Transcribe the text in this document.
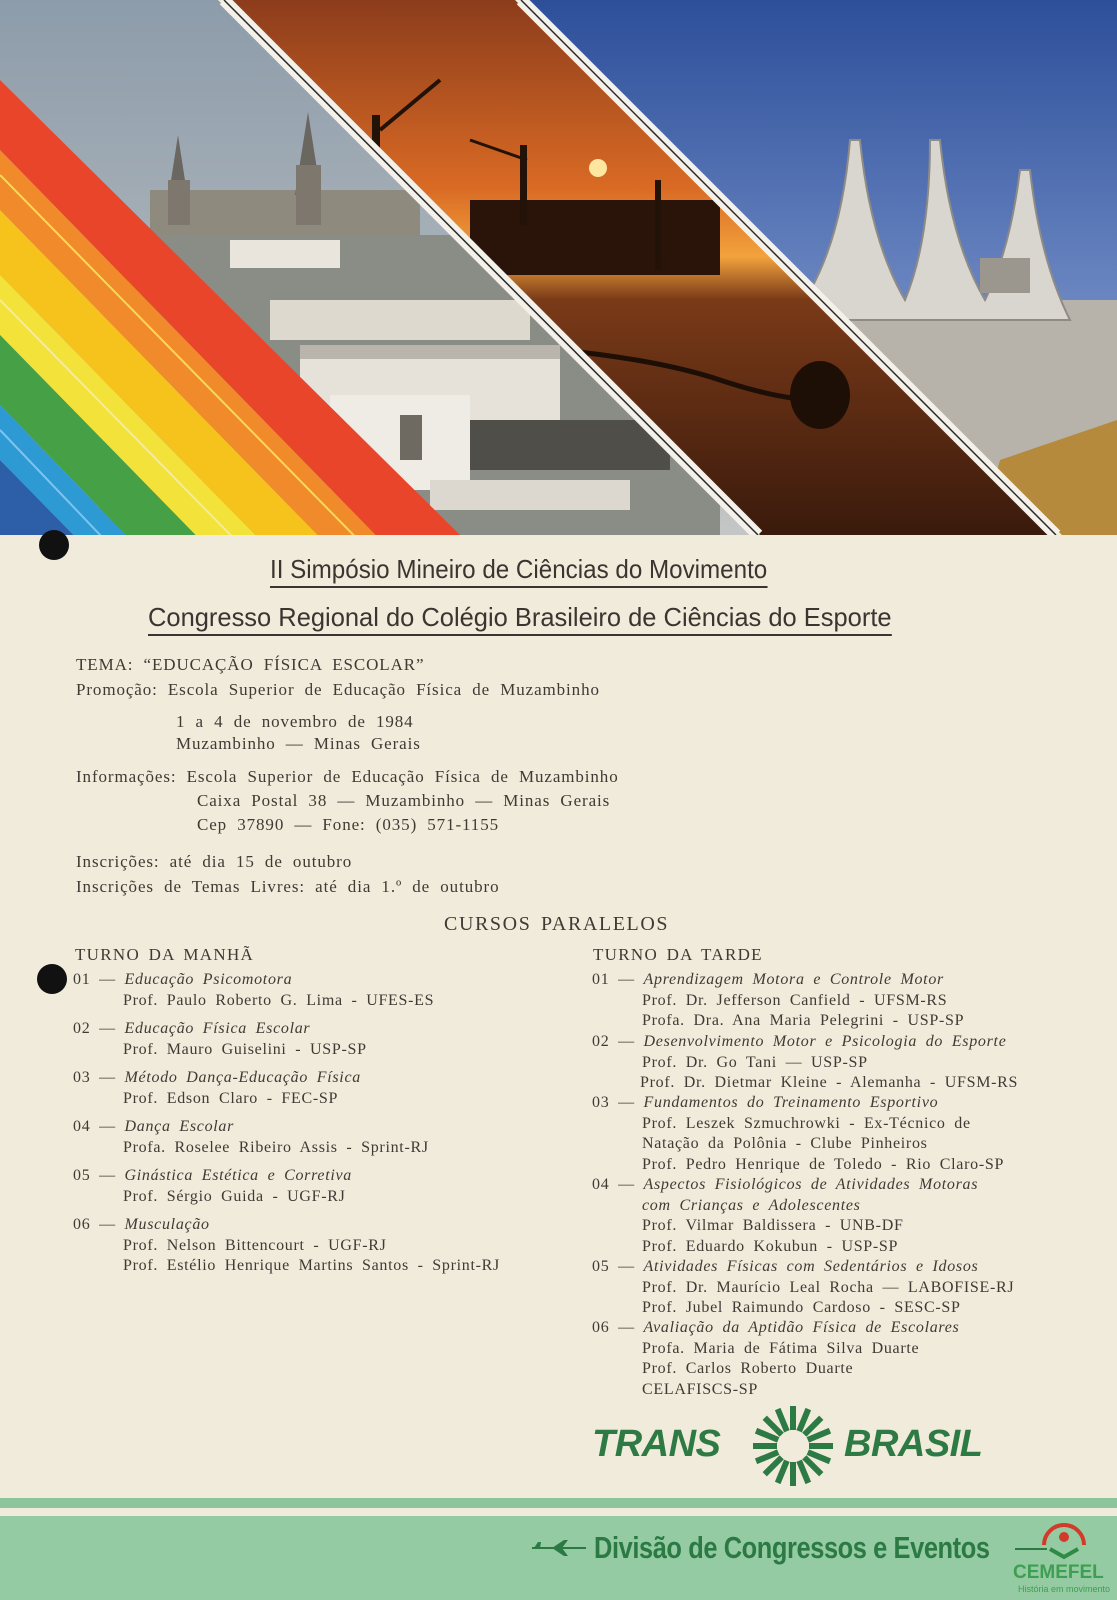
II Simpósio Mineiro de Ciências do Movimento
Congresso Regional do Colégio Brasileiro de Ciências do Esporte
TEMA: “EDUCAÇÃO FÍSICA ESCOLAR”
Promoção: Escola Superior de Educação Física de Muzambinho
1 a 4 de novembro de 1984
Muzambinho — Minas Gerais
Informações: Escola Superior de Educação Física de Muzambinho
Caixa Postal 38 — Muzambinho — Minas Gerais
Cep 37890 — Fone: (035) 571-1155
Inscrições: até dia 15 de outubro
Inscrições de Temas Livres: até dia 1.º de outubro
CURSOS PARALELOS
TURNO DA MANHÃ	TURNO DA TARDE
01 — Educação Psicomotora
Prof. Paulo Roberto G. Lima - UFES-ES
02 — Educação Física Escolar
Prof. Mauro Guiselini - USP-SP
03 — Método Dança-Educação Física
Prof. Edson Claro - FEC-SP
04 — Dança Escolar
Profa. Roselee Ribeiro Assis - Sprint-RJ
05 — Ginástica Estética e Corretiva
Prof. Sérgio Guida - UGF-RJ
06 — Musculação
Prof. Nelson Bittencourt - UGF-RJ
Prof. Estélio Henrique Martins Santos - Sprint-RJ
01 — Aprendizagem Motora e Controle Motor
Prof. Dr. Jefferson Canfield - UFSM-RS
Profa. Dra. Ana Maria Pelegrini - USP-SP
02 — Desenvolvimento Motor e Psicologia do Esporte
Prof. Dr. Go Tani — USP-SP
Prof. Dr. Dietmar Kleine - Alemanha - UFSM-RS
03 — Fundamentos do Treinamento Esportivo
Prof. Leszek Szmuchrowki - Ex-Técnico de
Natação da Polônia - Clube Pinheiros
Prof. Pedro Henrique de Toledo - Rio Claro-SP
04 — Aspectos Fisiológicos de Atividades Motoras
com Crianças e Adolescentes
Prof. Vilmar Baldissera - UNB-DF
Prof. Eduardo Kokubun - USP-SP
05 — Atividades Físicas com Sedentários e Idosos
Prof. Dr. Maurício Leal Rocha — LABOFISE-RJ
Prof. Jubel Raimundo Cardoso - SESC-SP
06 — Avaliação da Aptidão Física de Escolares
Profa. Maria de Fátima Silva Duarte
Prof. Carlos Roberto Duarte
CELAFISCS-SP
TRANS	BRASIL
Divisão de Congressos e Eventos
CEMEFEL
História em movimento
